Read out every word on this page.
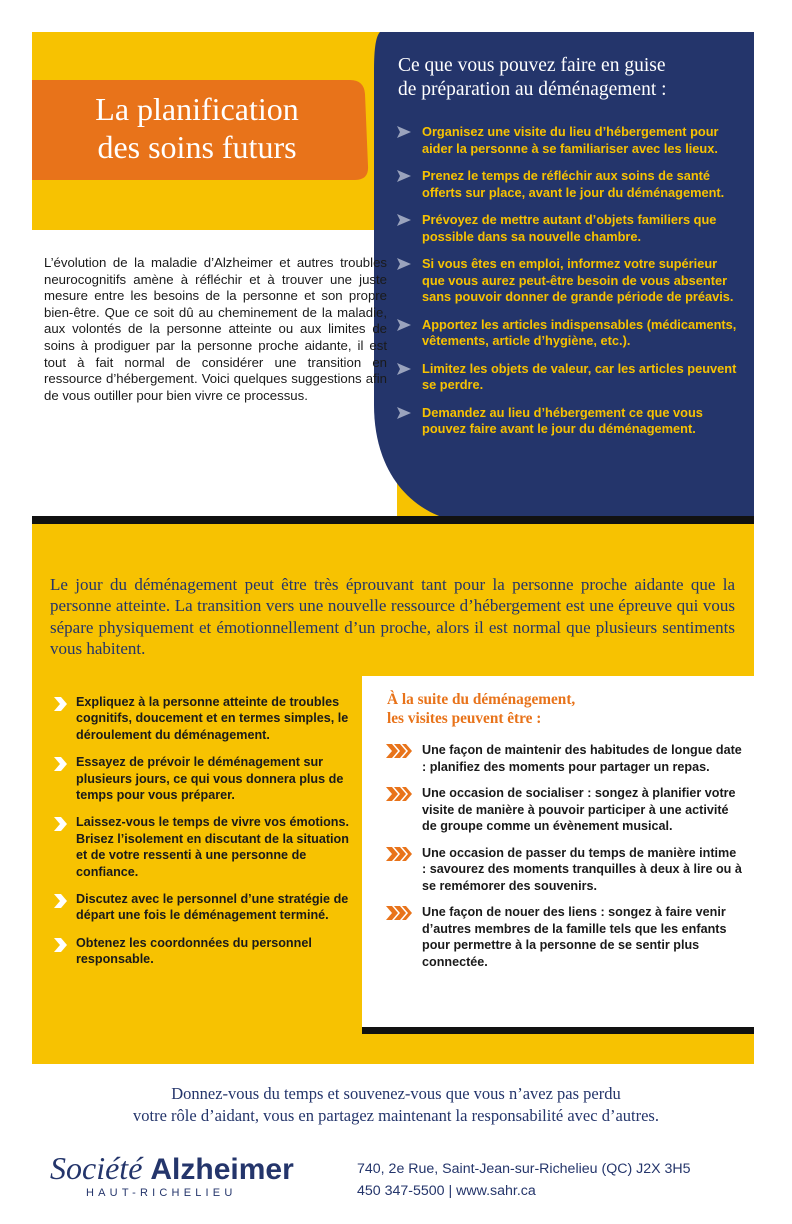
La planification
des soins futurs
L’évolution de la maladie d’Alzheimer et autres troubles neurocognitifs amène à réfléchir et à trouver une juste mesure entre les besoins de la personne et son propre bien-être. Que ce soit dû au cheminement de la maladie, aux volontés de la personne atteinte ou aux limites de soins à prodiguer par la personne proche aidante, il est tout à fait normal de considérer une transition en ressource d’hébergement. Voici quelques suggestions afin de vous outiller pour bien vivre ce processus.
Ce que vous pouvez faire en guise
de préparation au déménagement :
Organisez une visite du lieu d’hébergement pour aider la personne à se familiariser avec les lieux.
Prenez le temps de réfléchir aux soins de santé offerts sur place, avant le jour du déménagement.
Prévoyez de mettre autant d’objets familiers que possible dans sa nouvelle chambre.
Si vous êtes en emploi, informez votre supérieur que vous aurez peut-être besoin de vous absenter sans pouvoir donner de grande période de préavis.
Apportez les articles indispensables (médicaments, vêtements, article d’hygiène, etc.).
Limitez les objets de valeur, car les articles peuvent se perdre.
Demandez au lieu d’hébergement ce que vous pouvez faire avant le jour du déménagement.
Le jour du déménagement peut être très éprouvant tant pour la personne proche aidante que la personne atteinte. La transition vers une nouvelle ressource d’hébergement est une épreuve qui vous sépare physiquement et émotionnellement d’un proche, alors il est normal que plusieurs sentiments vous habitent.
Expliquez à la personne atteinte de troubles cognitifs, doucement et en termes simples, le déroulement du déménagement.
Essayez de prévoir le déménagement sur plusieurs jours, ce qui vous donnera plus de temps pour vous préparer.
Laissez-vous le temps de vivre vos émotions. Brisez l’isolement en discutant de la situation et de votre ressenti à une personne de confiance.
Discutez avec le personnel d’une stratégie de départ une fois le déménagement terminé.
Obtenez les coordonnées du personnel responsable.
À la suite du déménagement,
les visites peuvent être :
Une façon de maintenir des habitudes de longue date : planifiez des moments pour partager un repas.
Une occasion de socialiser : songez à planifier votre visite de manière à pouvoir participer à une activité de groupe comme un évènement musical.
Une occasion de passer du temps de manière intime : savourez des moments tranquilles à deux à lire ou à se remémorer des souvenirs.
Une façon de nouer des liens : songez à faire venir d’autres membres de la famille tels que les enfants pour permettre à la personne de se sentir plus connectée.
Donnez-vous du temps et souvenez-vous que vous n’avez pas perdu
votre rôle d’aidant, vous en partagez maintenant la responsabilité avec d’autres.
Société Alzheimer
HAUT-RICHELIEU
740, 2e Rue, Saint-Jean-sur-Richelieu (QC) J2X 3H5
450 347-5500 | www.sahr.ca
